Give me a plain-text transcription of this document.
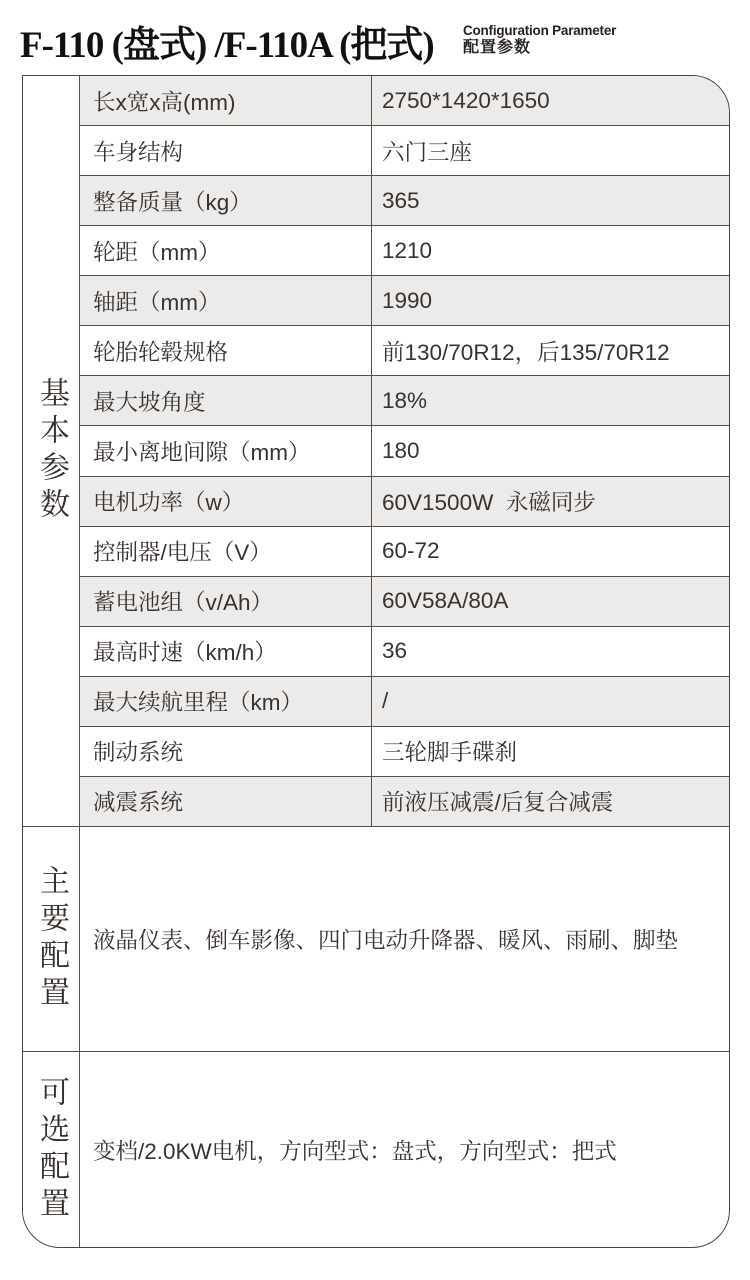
F-110 (盘式) /F-110A (把式) Configuration Parameter
配置参数
基本参数
长x宽x高(mm)	2750*1420*1650
车身结构	六门三座
整备质量（kg）	365
轮距（mm）	1210
轴距（mm）	1990
轮胎轮毂规格	前130/70R12，后135/70R12
最大坡角度	18%
最小离地间隙（mm）	180
电机功率（w）	60V1500W  永磁同步
控制器/电压（V）	60-72
蓄电池组（v/Ah）	60V58A/80A
最高时速（km/h）	36
最大续航里程（km）	/
制动系统	三轮脚手碟刹
减震系统	前液压减震/后复合减震
主要配置	液晶仪表、倒车影像、四门电动升降器、暖风、雨刷、脚垫
可选配置	变档/2.0KW电机，方向型式：盘式，方向型式：把式
